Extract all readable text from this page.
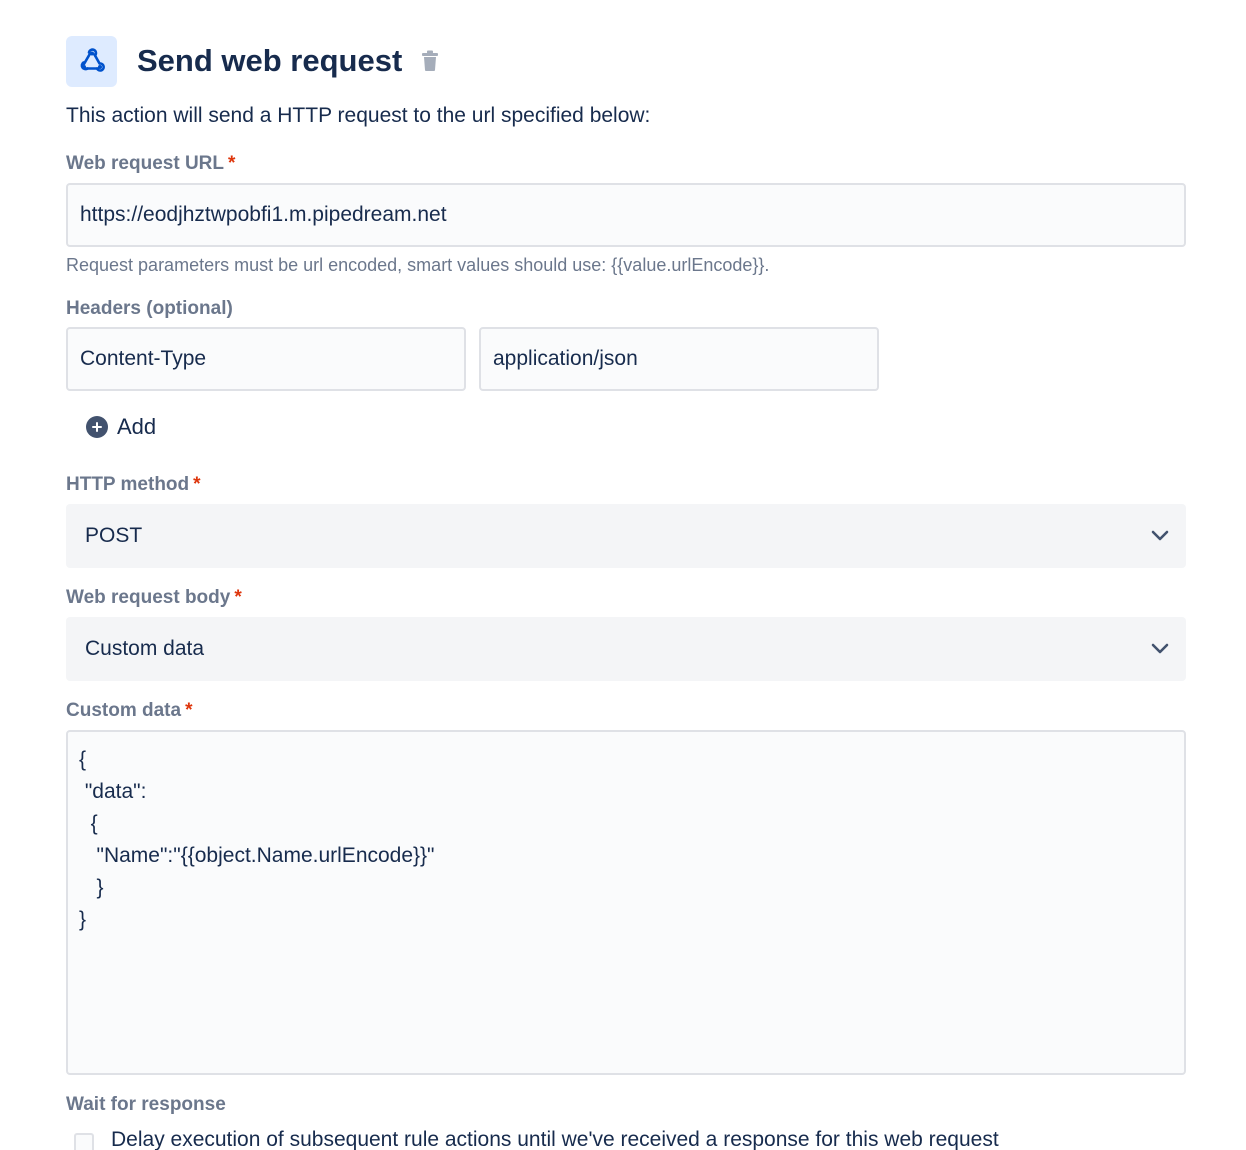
Send web request
This action will send a HTTP request to the url specified below:
Web request URL *
https://eodjhztwpobfi1.m.pipedream.net
Request parameters must be url encoded, smart values should use: {{value.urlEncode}}.
Headers (optional)
Content-Type	application/json
Add
HTTP method *
POST
Web request body *
Custom data
Custom data *
{
"data":
{
"Name":"{{object.Name.urlEncode}}"
}
}
Wait for response
Delay execution of subsequent rule actions until we've received a response for this web request
